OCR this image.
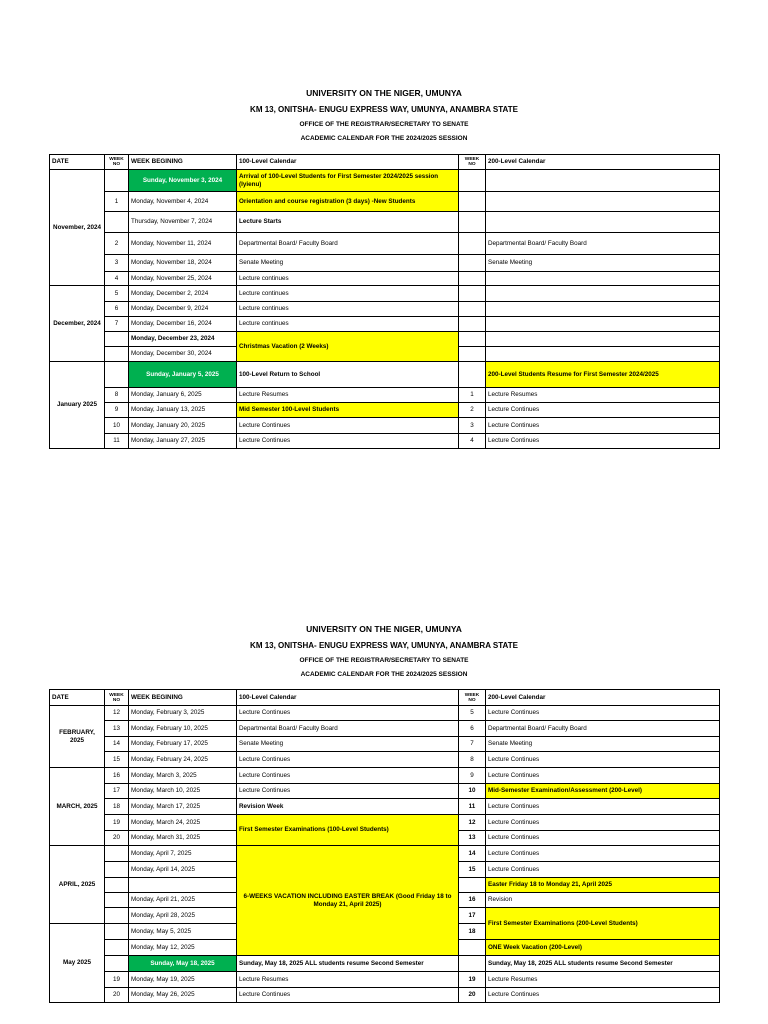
UNIVERSITY ON THE NIGER, UMUNYA
KM 13, ONITSHA- ENUGU EXPRESS WAY, UMUNYA, ANAMBRA STATE
OFFICE OF THE REGISTRAR/SECRETARY TO SENATE
ACADEMIC CALENDAR FOR THE 2024/2025 SESSION
DATE	WEEK NO	WEEK BEGINING	100-Level Calendar	WEEK NO	200-Level Calendar
November, 2024		Sunday, November 3, 2024	Arrival of 100-Level Students for First Semester 2024/2025 session (Iyienu)		
	1	Monday, November 4, 2024	Orientation and course registration (3 days) -New Students		
		Thursday, November 7, 2024	Lecture Starts		
	2	Monday, November 11, 2024	Departmental Board/ Faculty Board		Departmental Board/ Faculty Board
	3	Monday, November 18, 2024	Senate Meeting		Senate Meeting
	4	Monday, November 25, 2024	Lecture continues		
December, 2024	5	Monday, December 2, 2024	Lecture continues		
	6	Monday, December 9, 2024	Lecture continues		
	7	Monday, December 16, 2024	Lecture continues		
		Monday, December 23, 2024	Christmas Vacation (2 Weeks)		
		Monday, December 30, 2024			
January 2025		Sunday, January 5, 2025	100-Level Return to School		200-Level Students Resume for First Semester 2024/2025
	8	Monday, January 6, 2025	Lecture Resumes	1	Lecture Resumes
	9	Monday, January 13, 2025	Mid Semester 100-Level Students	2	Lecture Continues
	10	Monday, January 20, 2025	Lecture Continues	3	Lecture Continues
	11	Monday, January 27, 2025	Lecture Continues	4	Lecture Continues
UNIVERSITY ON THE NIGER, UMUNYA
KM 13, ONITSHA- ENUGU EXPRESS WAY, UMUNYA, ANAMBRA STATE
OFFICE OF THE REGISTRAR/SECRETARY TO SENATE
ACADEMIC CALENDAR FOR THE 2024/2025 SESSION
DATE	WEEK NO	WEEK BEGINING	100-Level Calendar	WEEK NO	200-Level Calendar
FEBRUARY, 2025	12	Monday, February 3, 2025	Lecture Continues	5	Lecture Continues
	13	Monday, February 10, 2025	Departmental Board/ Faculty Board	6	Departmental Board/ Faculty Board
	14	Monday, February 17, 2025	Senate Meeting	7	Senate Meeting
	15	Monday, February 24, 2025	Lecture Continues	8	Lecture Continues
MARCH, 2025	16	Monday, March 3, 2025	Lecture Continues	9	Lecture Continues
	17	Monday, March 10, 2025	Lecture Continues	10	Mid-Semester Examination/Assessment (200-Level)
	18	Monday, March 17, 2025	Revision Week	11	Lecture Continues
	19	Monday, March 24, 2025	First Semester Examinations (100-Level Students)	12	Lecture Continues
	20	Monday, March 31, 2025		13	Lecture Continues
APRIL, 2025		Monday, April 7, 2025	6-WEEKS VACATION INCLUDING EASTER BREAK (Good Friday 18 to Monday 21, April 2025)	14	Lecture Continues
		Monday, April 14, 2025		15	Lecture Continues
					Easter Friday 18 to Monday 21, April 2025
		Monday, April 21, 2025		16	Revision
		Monday, April 28, 2025		17	First Semester Examinations (200-Level Students)
May 2025		Monday, May 5, 2025		18	
		Monday, May 12, 2025			ONE Week Vacation (200-Level)
		Sunday, May 18, 2025	Sunday, May 18, 2025 ALL students resume Second Semester		Sunday, May 18, 2025 ALL students resume Second Semester
	19	Monday, May 19, 2025	Lecture Resumes	19	Lecture Resumes
	20	Monday, May 26, 2025	Lecture Continues	20	Lecture Continues
